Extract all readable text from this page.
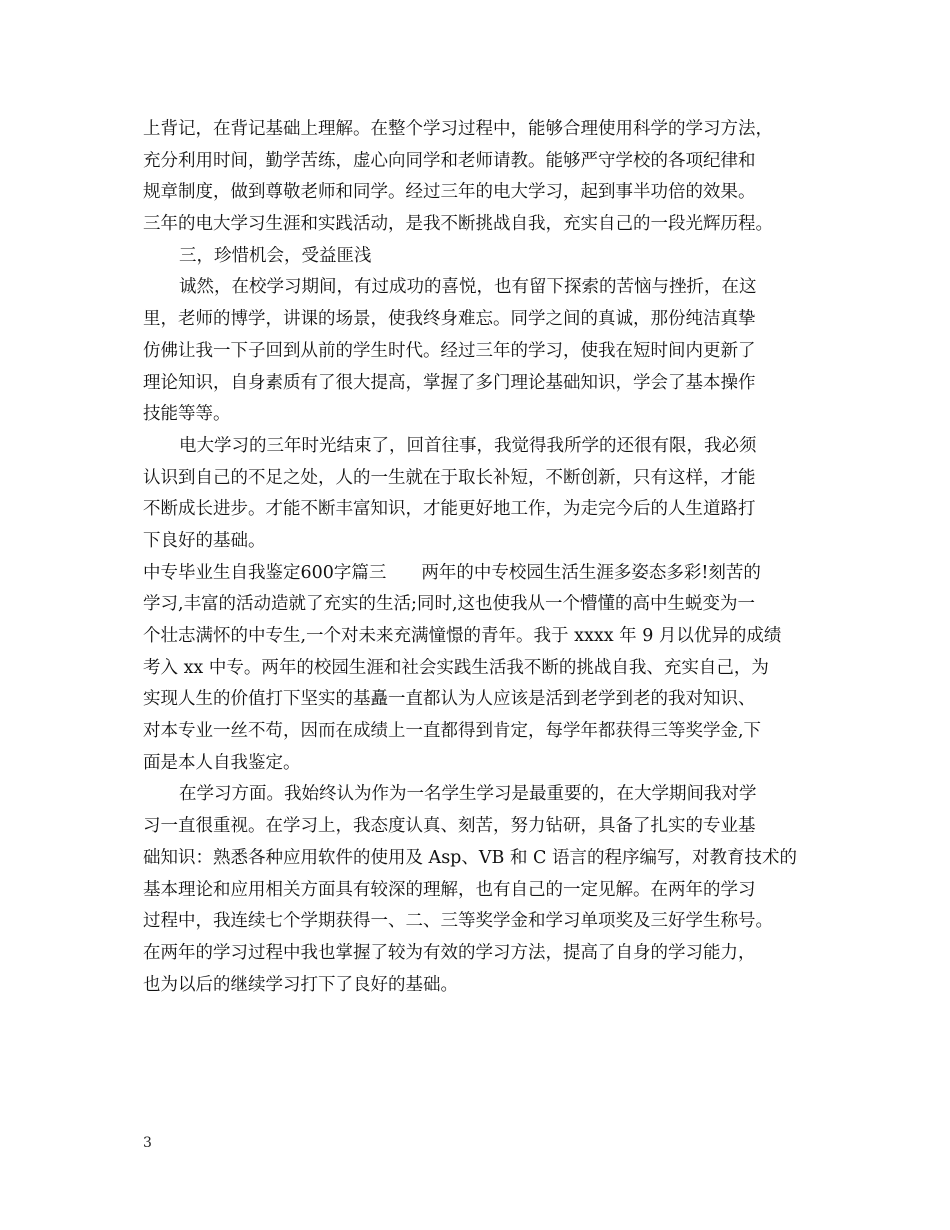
上背记，在背记基础上理解。在整个学习过程中，能够合理使用科学的学习方法，
充分利用时间，勤学苦练，虚心向同学和老师请教。能够严守学校的各项纪律和
规章制度，做到尊敬老师和同学。经过三年的电大学习，起到事半功倍的效果。
三年的电大学习生涯和实践活动，是我不断挑战自我，充实自己的一段光辉历程。
三，珍惜机会，受益匪浅
诚然，在校学习期间，有过成功的喜悦，也有留下探索的苦恼与挫折，在这
里，老师的博学，讲课的场景，使我终身难忘。同学之间的真诚，那份纯洁真挚
仿佛让我一下子回到从前的学生时代。经过三年的学习，使我在短时间内更新了
理论知识，自身素质有了很大提高，掌握了多门理论基础知识，学会了基本操作
技能等等。
电大学习的三年时光结束了，回首往事，我觉得我所学的还很有限，我必须
认识到自己的不足之处，人的一生就在于取长补短，不断创新，只有这样，才能
不断成长进步。才能不断丰富知识，才能更好地工作，为走完今后的人生道路打
下良好的基础。
中专毕业生自我鉴定600字篇三　　两年的中专校园生活生涯多姿态多彩!刻苦的
学习,丰富的活动造就了充实的生活;同时,这也使我从一个懵懂的高中生蜕变为一
个壮志满怀的中专生,一个对未来充满憧憬的青年。我于 xxxx 年 9 月以优异的成绩
考入 xx 中专。两年的校园生涯和社会实践生活我不断的挑战自我、充实自己，为
实现人生的价值打下坚实的基矗一直都认为人应该是活到老学到老的我对知识、
对本专业一丝不苟，因而在成绩上一直都得到肯定，每学年都获得三等奖学金,下
面是本人自我鉴定。
在学习方面。我始终认为作为一名学生学习是最重要的，在大学期间我对学
习一直很重视。在学习上，我态度认真、刻苦，努力钻研，具备了扎实的专业基
础知识：熟悉各种应用软件的使用及 Asp、VB 和 C 语言的程序编写，对教育技术的
基本理论和应用相关方面具有较深的理解，也有自己的一定见解。在两年的学习
过程中，我连续七个学期获得一、二、三等奖学金和学习单项奖及三好学生称号。
在两年的学习过程中我也掌握了较为有效的学习方法，提高了自身的学习能力，
也为以后的继续学习打下了良好的基础。
3
